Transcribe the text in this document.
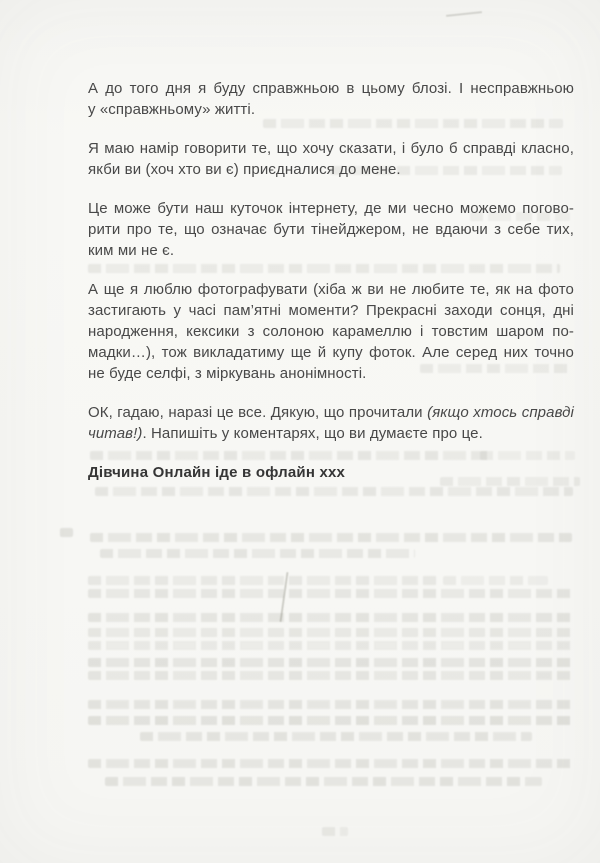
А до того дня я буду справжньою в цьому блозі. І несправжньою
у «справжньому» житті.
Я маю намір говорити те, що хочу сказати, і було б справді класно,
якби ви (хоч хто ви є) приєдналися до мене.
Це може бути наш куточок інтернету, де ми чесно можемо погово-
рити про те, що означає бути тінейджером, не вдаючи з себе тих,
ким ми не є.
А ще я люблю фотографувати (хіба ж ви не любите те, як на фото
застигають у часі пам’ятні моменти? Прекрасні заходи сонця, дні
народження, кексики з солоною карамеллю і товстим шаром по-
мадки…), тож викладатиму ще й купу фоток. Але серед них точно
не буде селфі, з міркувань анонімності.
ОК, гадаю, наразі це все. Дякую, що прочитали (якщо хтось справді
читав!). Напишіть у коментарях, що ви думаєте про це.
Дівчина Онлайн іде в офлайн ххх
